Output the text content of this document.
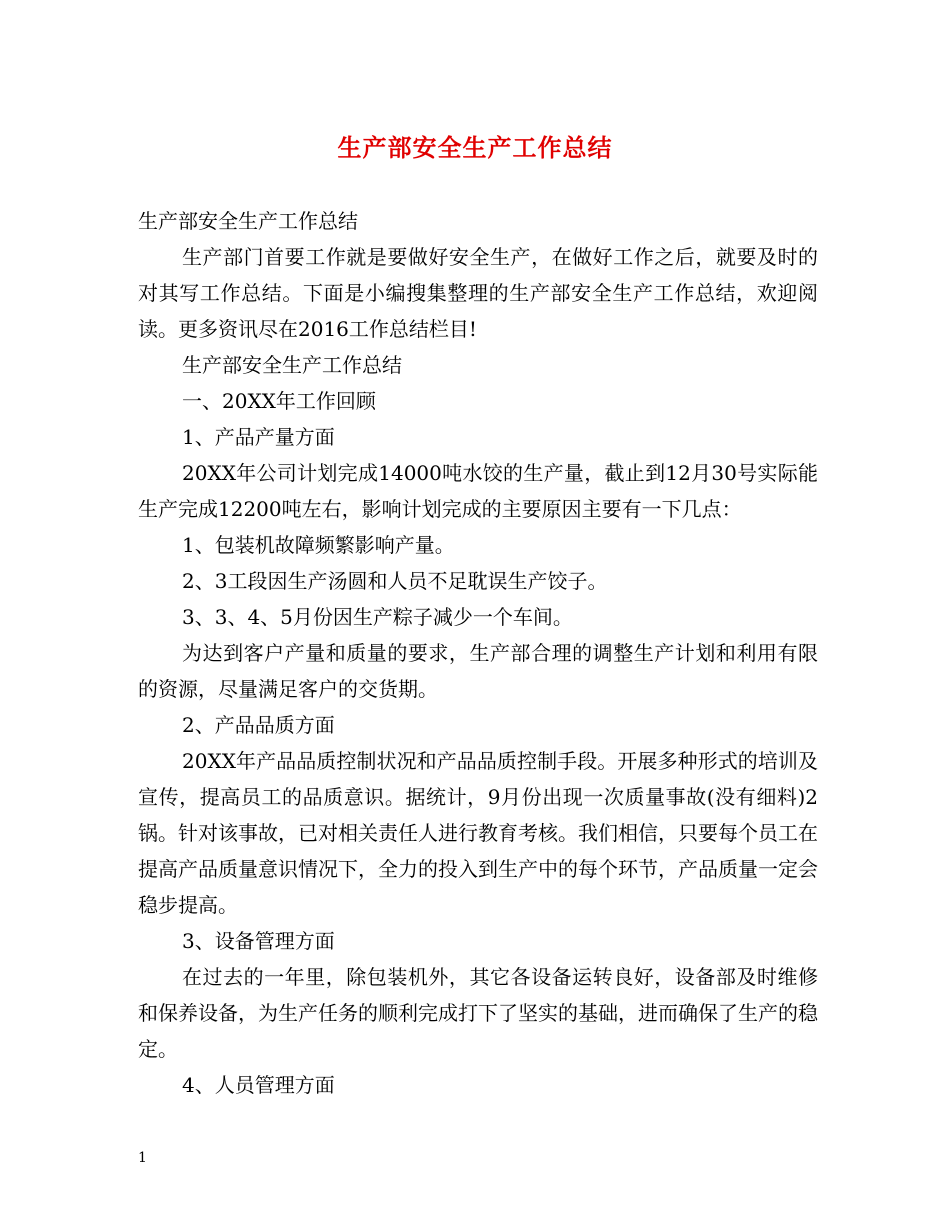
生产部安全生产工作总结

生产部安全生产工作总结

生产部门首要工作就是要做好安全生产，在做好工作之后，就要及时的对其写工作总结。下面是小编搜集整理的生产部安全生产工作总结，欢迎阅读。更多资讯尽在2016工作总结栏目!

生产部安全生产工作总结

一、20XX年工作回顾

1、产品产量方面

20XX年公司计划完成14000吨水饺的生产量，截止到12月30号实际能生产完成12200吨左右，影响计划完成的主要原因主要有一下几点：

1、包装机故障频繁影响产量。

2、3工段因生产汤圆和人员不足耽误生产饺子。

3、3、4、5月份因生产粽子减少一个车间。

为达到客户产量和质量的要求，生产部合理的调整生产计划和利用有限的资源，尽量满足客户的交货期。

2、产品品质方面

20XX年产品品质控制状况和产品品质控制手段。开展多种形式的培训及宣传，提高员工的品质意识。据统计，9月份出现一次质量事故(没有细料)2锅。针对该事故，已对相关责任人进行教育考核。我们相信，只要每个员工在提高产品质量意识情况下，全力的投入到生产中的每个环节，产品质量一定会稳步提高。

3、设备管理方面

在过去的一年里，除包装机外，其它各设备运转良好，设备部及时维修和保养设备，为生产任务的顺利完成打下了坚实的基础，进而确保了生产的稳定。

4、人员管理方面

1
